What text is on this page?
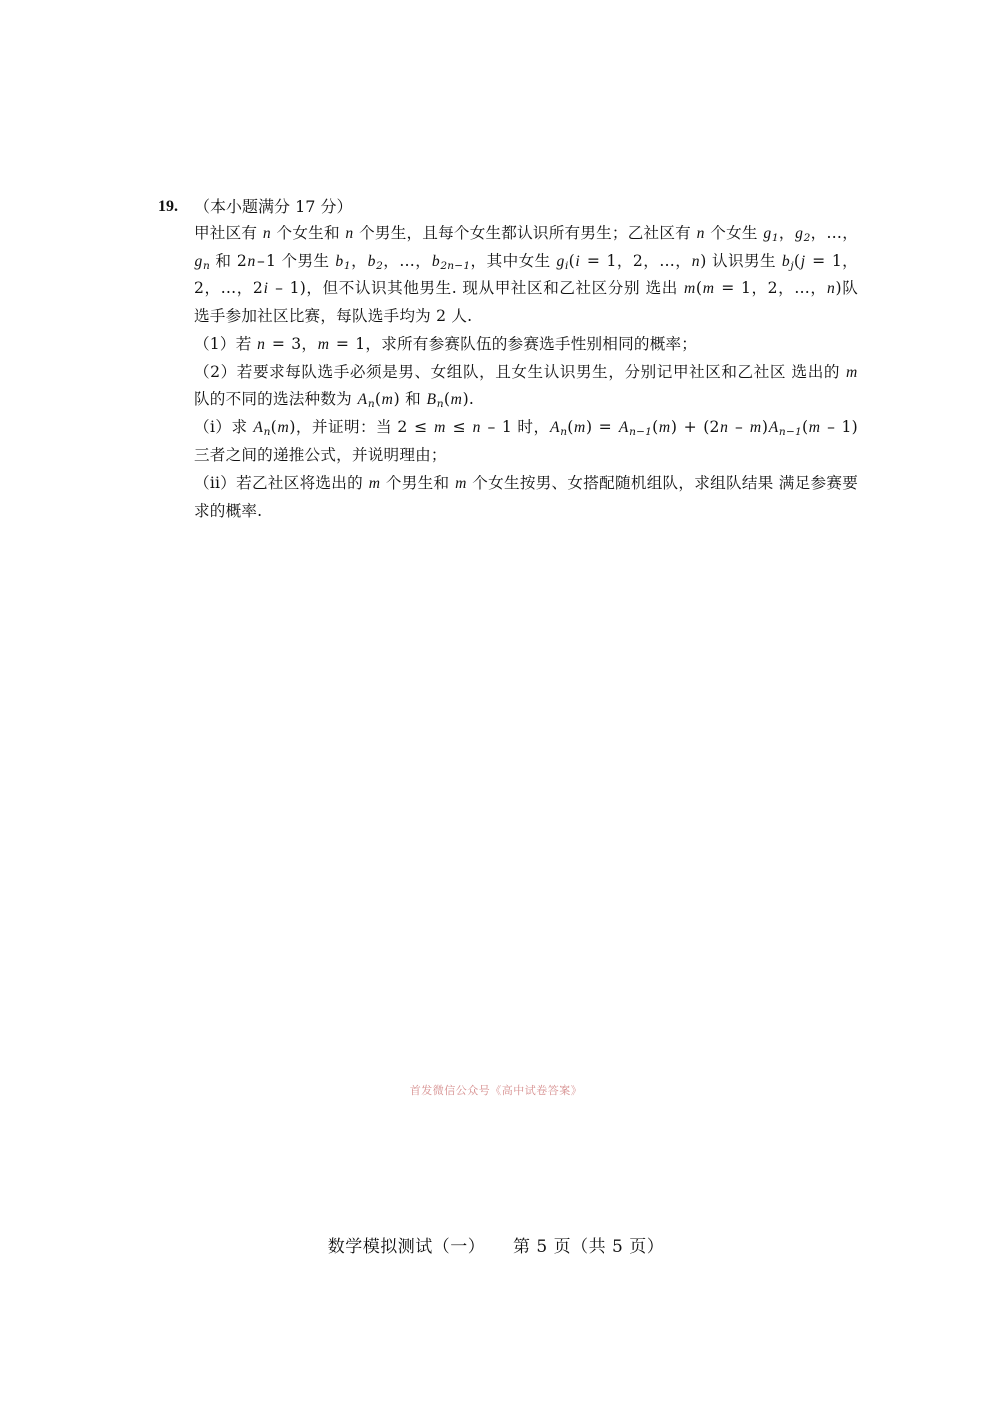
19.	（本小题满分 17 分）
甲社区有 n 个女生和 n 个男生，且每个女生都认识所有男生；乙社区有 n 个女生 $g_1$，$g_2$，…，$g_n$ 和 2n–1 个男生 $b_1$，$b_2$，…，$b_{2n-1}$，其中女生 $g_i(i = 1$，2，…，n) 认识男生 $b_j(j = 1$，2，…，2i – 1)，但不认识其他男生. 现从甲社区和乙社区分别 选出 m(m = 1，2，…，n)队选手参加社区比赛，每队选手均为 2 人.
（1）若 n = 3，m = 1，求所有参赛队伍的参赛选手性别相同的概率；
（2）若要求每队选手必须是男、女组队，且女生认识男生，分别记甲社区和乙社区 选出的 m 队的不同的选法种数为 $A_n(m)$ 和 $B_n(m)$.
（i）求 $A_n(m)$，并证明：当 2 ≤ m ≤ n – 1 时，$A_n(m) = A_{n-1}(m) + (2n - m)A_{n-1}(m - 1)$ 三者之间的递推公式，并说明理由；
（ii）若乙社区将选出的 m 个男生和 m 个女生按男、女搭配随机组队，求组队结果 满足参赛要求的概率.
首发微信公众号《高中试卷答案》
数学模拟测试（一） 第 5 页（共 5 页）
